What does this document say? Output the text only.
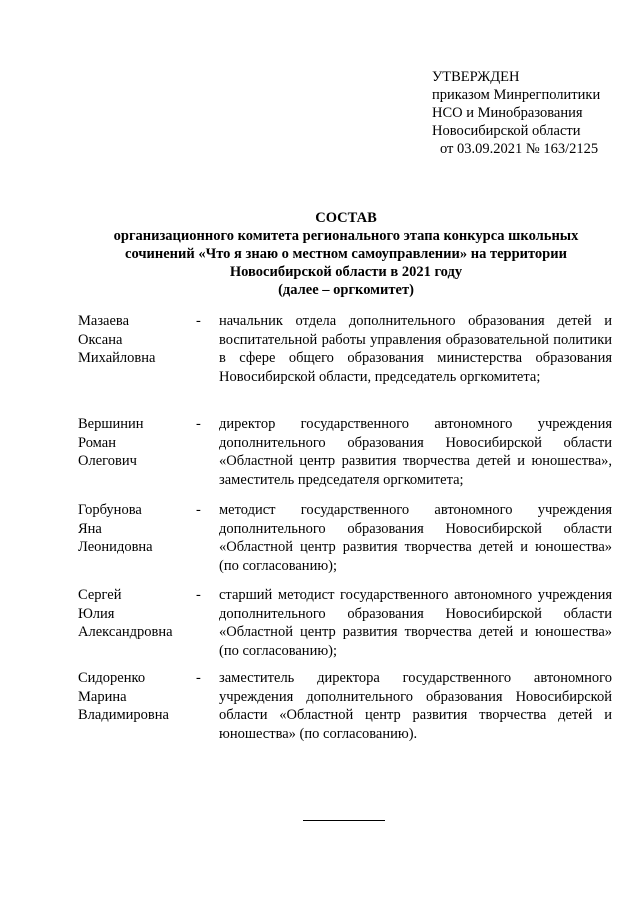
УТВЕРЖДЕН
приказом Минрегполитики
НСО и Минобразования
Новосибирской области
от 03.09.2021 № 163/2125
СОСТАВ
организационного комитета регионального этапа конкурса школьных
сочинений «Что я знаю о местном самоуправлении» на территории
Новосибирской области в 2021 году
(далее – оргкомитет)
Мазаева
Оксана
Михайловна
- начальник отдела дополнительного образования детей и воспитательной работы управления образовательной политики в сфере общего образования министерства образования Новосибирской области, председатель оргкомитета;
Вершинин
Роман
Олегович
- директор государственного автономного учреждения дополнительного образования Новосибирской области «Областной центр развития творчества детей и юношества», заместитель председателя оргкомитета;
Горбунова
Яна
Леонидовна
- методист государственного автономного учреждения дополнительного образования Новосибирской области «Областной центр развития творчества детей и юношества» (по согласованию);
Сергей
Юлия
Александровна
- старший методист государственного автономного учреждения дополнительного образования Новосибирской области «Областной центр развития творчества детей и юношества» (по согласованию);
Сидоренко
Марина
Владимировна
- заместитель директора государственного автономного учреждения дополнительного образования Новосибирской области «Областной центр развития творчества детей и юношества» (по согласованию).
